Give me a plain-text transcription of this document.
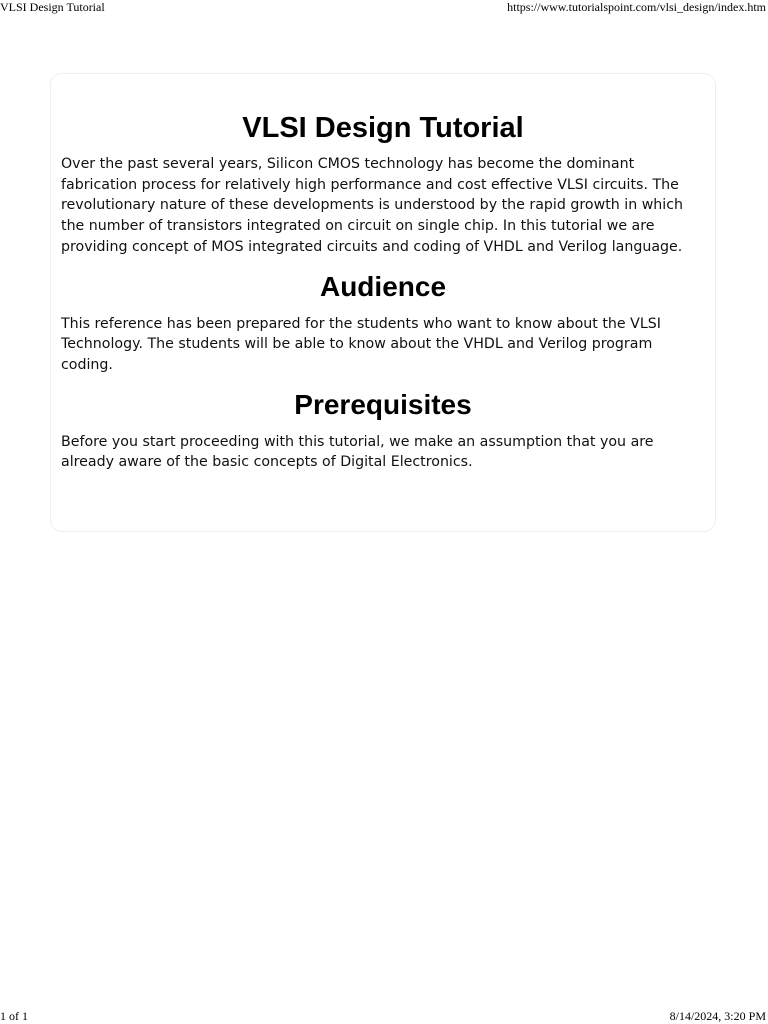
VLSI Design Tutorial	https://www.tutorialspoint.com/vlsi_design/index.htm
VLSI Design Tutorial

Over the past several years, Silicon CMOS technology has become the dominant fabrication process for relatively high performance and cost effective VLSI circuits. The revolutionary nature of these developments is understood by the rapid growth in which the number of transistors integrated on circuit on single chip. In this tutorial we are providing concept of MOS integrated circuits and coding of VHDL and Verilog language.

Audience

This reference has been prepared for the students who want to know about the VLSI Technology. The students will be able to know about the VHDL and Verilog program coding.

Prerequisites

Before you start proceeding with this tutorial, we make an assumption that you are already aware of the basic concepts of Digital Electronics.

1 of 1	8/14/2024, 3:20 PM
